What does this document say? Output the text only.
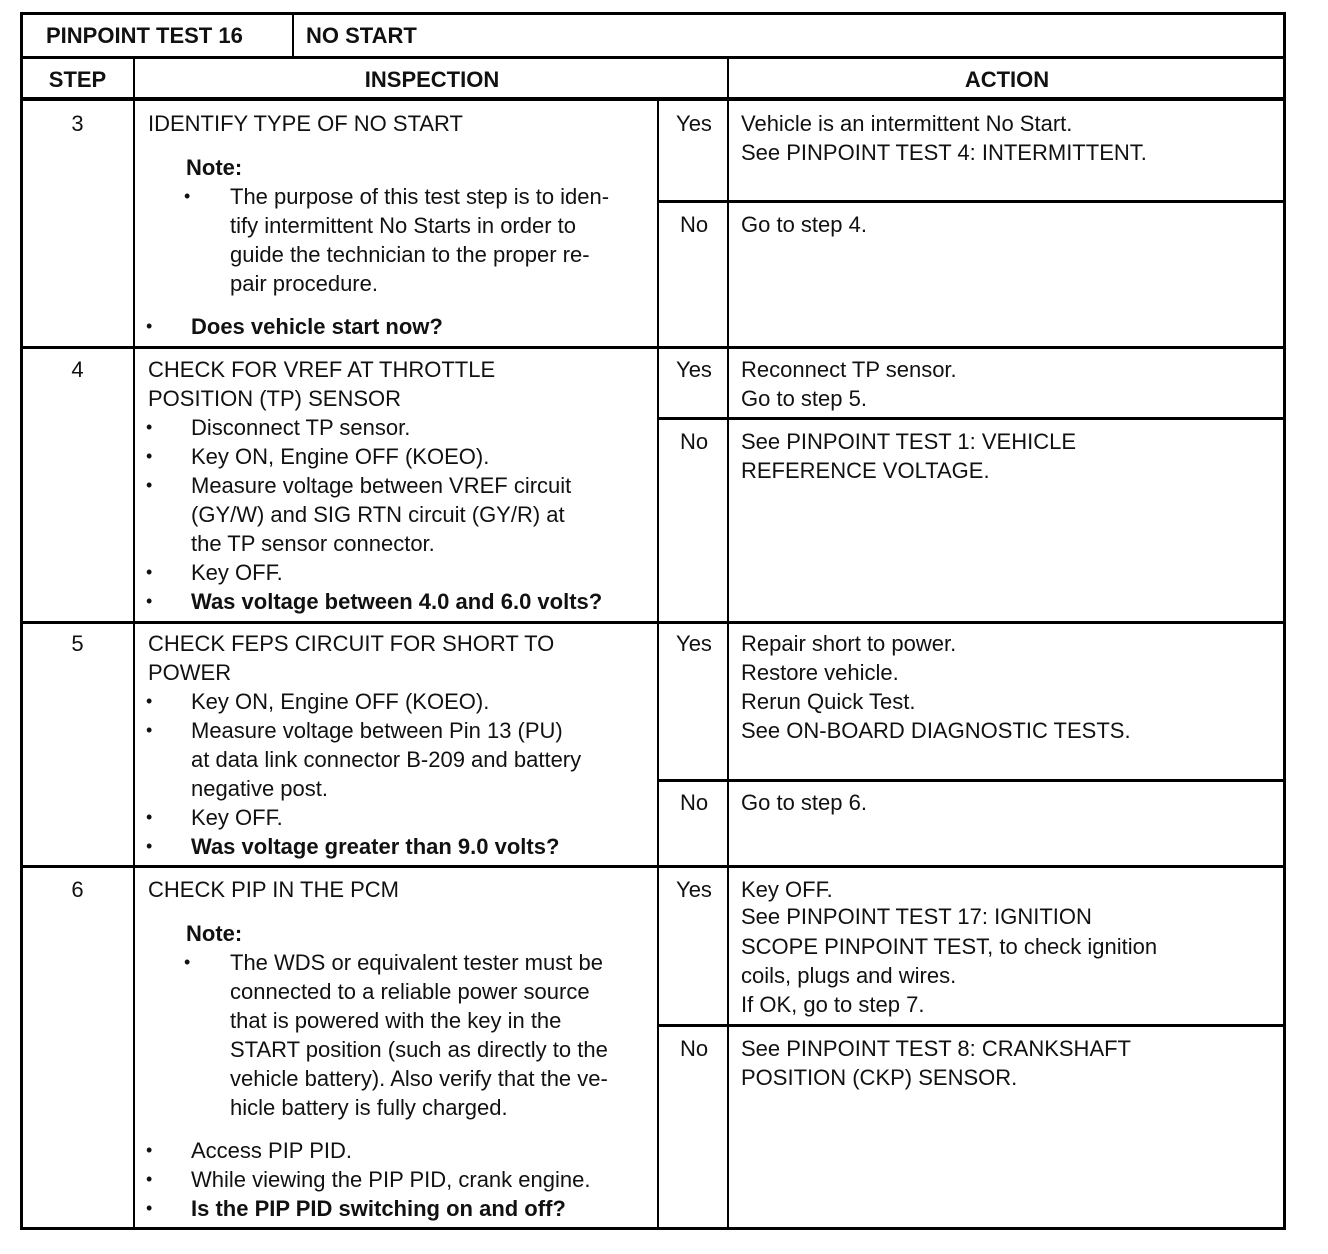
PINPOINT TEST 16	NO START
STEP	INSPECTION	ACTION
3	IDENTIFY TYPE OF NO START
Note:
• The purpose of this test step is to iden-
tify intermittent No Starts in order to
guide the technician to the proper re-
pair procedure.
• Does vehicle start now?
Yes	Vehicle is an intermittent No Start.
See PINPOINT TEST 4: INTERMITTENT.
No	Go to step 4.
4	CHECK FOR VREF AT THROTTLE
POSITION (TP) SENSOR
• Disconnect TP sensor.
• Key ON, Engine OFF (KOEO).
• Measure voltage between VREF circuit
(GY/W) and SIG RTN circuit (GY/R) at
the TP sensor connector.
• Key OFF.
• Was voltage between 4.0 and 6.0 volts?
Yes	Reconnect TP sensor.
Go to step 5.
No	See PINPOINT TEST 1: VEHICLE
REFERENCE VOLTAGE.
5	CHECK FEPS CIRCUIT FOR SHORT TO
POWER
• Key ON, Engine OFF (KOEO).
• Measure voltage between Pin 13 (PU)
at data link connector B-209 and battery
negative post.
• Key OFF.
• Was voltage greater than 9.0 volts?
Yes	Repair short to power.
Restore vehicle.
Rerun Quick Test.
See ON-BOARD DIAGNOSTIC TESTS.
No	Go to step 6.
6	CHECK PIP IN THE PCM
Note:
• The WDS or equivalent tester must be
connected to a reliable power source
that is powered with the key in the
START position (such as directly to the
vehicle battery). Also verify that the ve-
hicle battery is fully charged.
• Access PIP PID.
• While viewing the PIP PID, crank engine.
• Is the PIP PID switching on and off?
Yes	Key OFF.
See PINPOINT TEST 17: IGNITION
SCOPE PINPOINT TEST, to check ignition
coils, plugs and wires.
If OK, go to step 7.
No	See PINPOINT TEST 8: CRANKSHAFT
POSITION (CKP) SENSOR.
